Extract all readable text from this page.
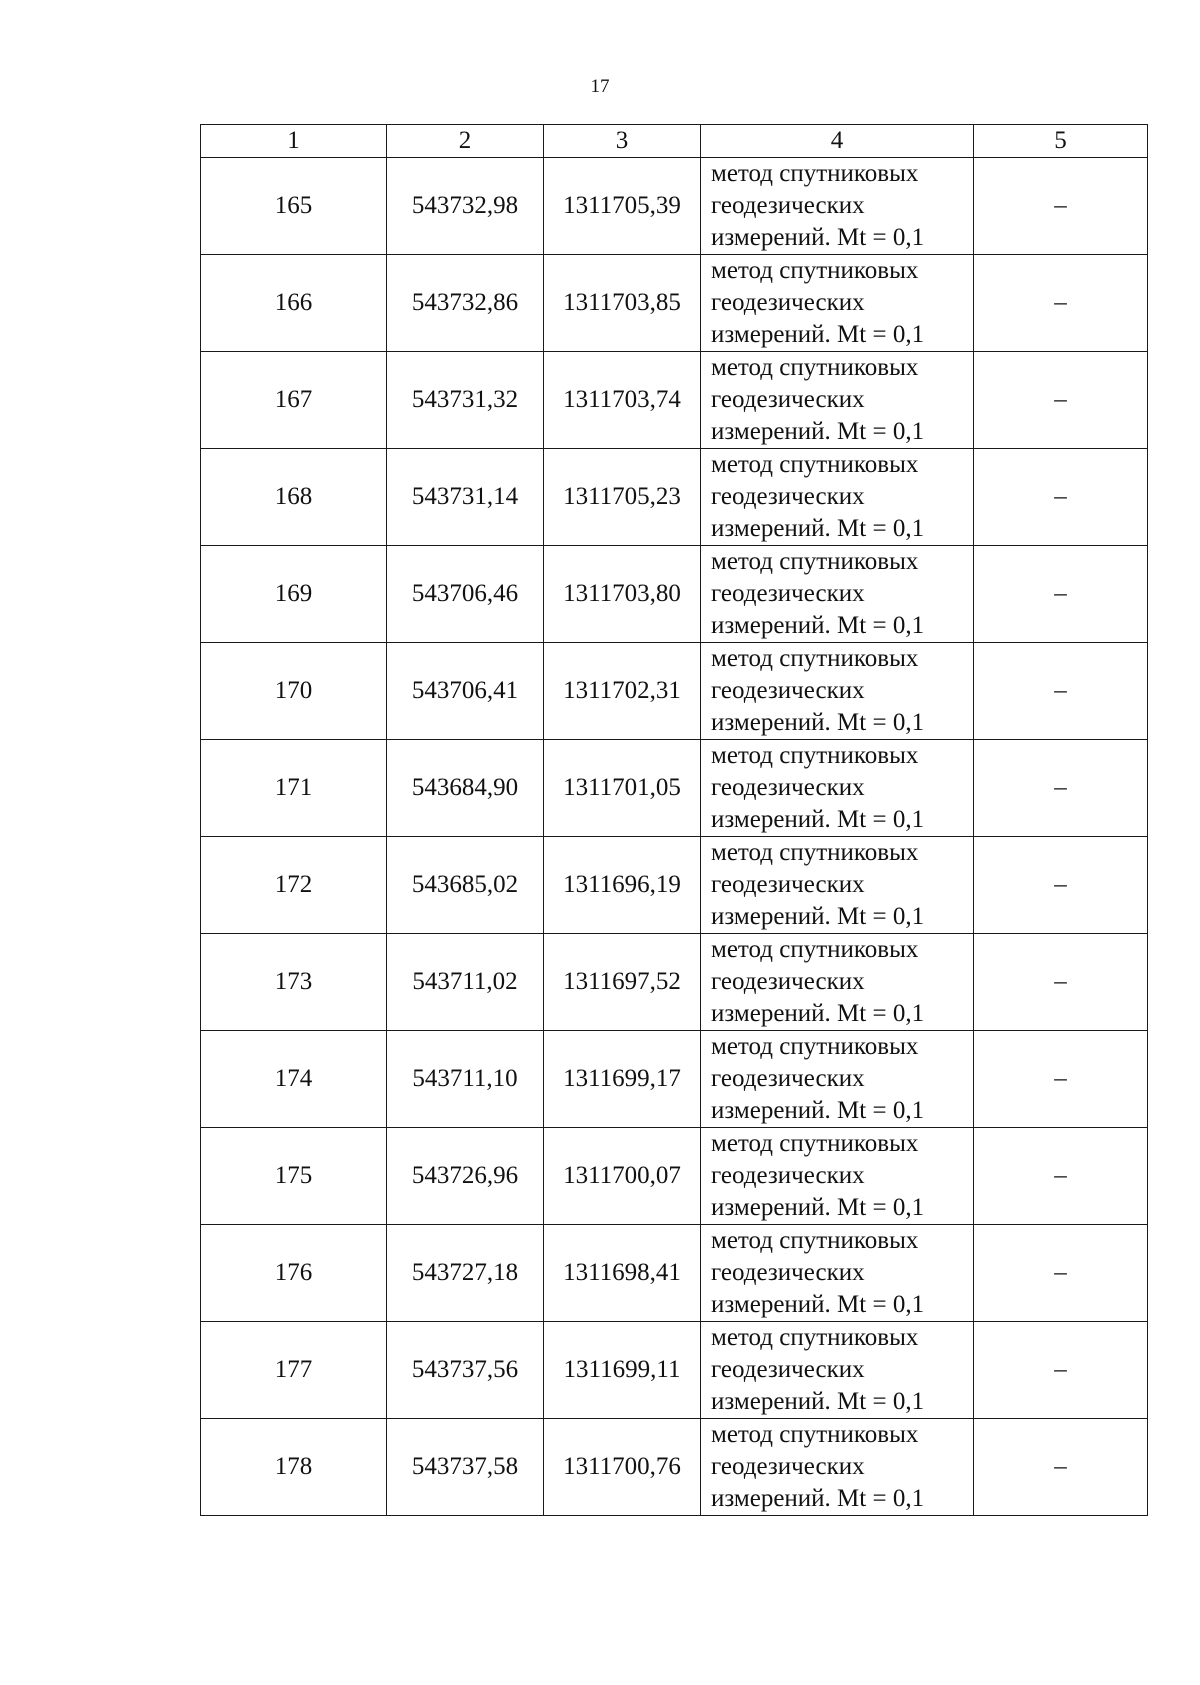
17
1	2	3	4	5
165	543732,98	1311705,39	метод спутниковых геодезических измерений. Mt = 0,1	–
166	543732,86	1311703,85	метод спутниковых геодезических измерений. Mt = 0,1	–
167	543731,32	1311703,74	метод спутниковых геодезических измерений. Mt = 0,1	–
168	543731,14	1311705,23	метод спутниковых геодезических измерений. Mt = 0,1	–
169	543706,46	1311703,80	метод спутниковых геодезических измерений. Mt = 0,1	–
170	543706,41	1311702,31	метод спутниковых геодезических измерений. Mt = 0,1	–
171	543684,90	1311701,05	метод спутниковых геодезических измерений. Mt = 0,1	–
172	543685,02	1311696,19	метод спутниковых геодезических измерений. Mt = 0,1	–
173	543711,02	1311697,52	метод спутниковых геодезических измерений. Mt = 0,1	–
174	543711,10	1311699,17	метод спутниковых геодезических измерений. Mt = 0,1	–
175	543726,96	1311700,07	метод спутниковых геодезических измерений. Mt = 0,1	–
176	543727,18	1311698,41	метод спутниковых геодезических измерений. Mt = 0,1	–
177	543737,56	1311699,11	метод спутниковых геодезических измерений. Mt = 0,1	–
178	543737,58	1311700,76	метод спутниковых геодезических измерений. Mt = 0,1	–
